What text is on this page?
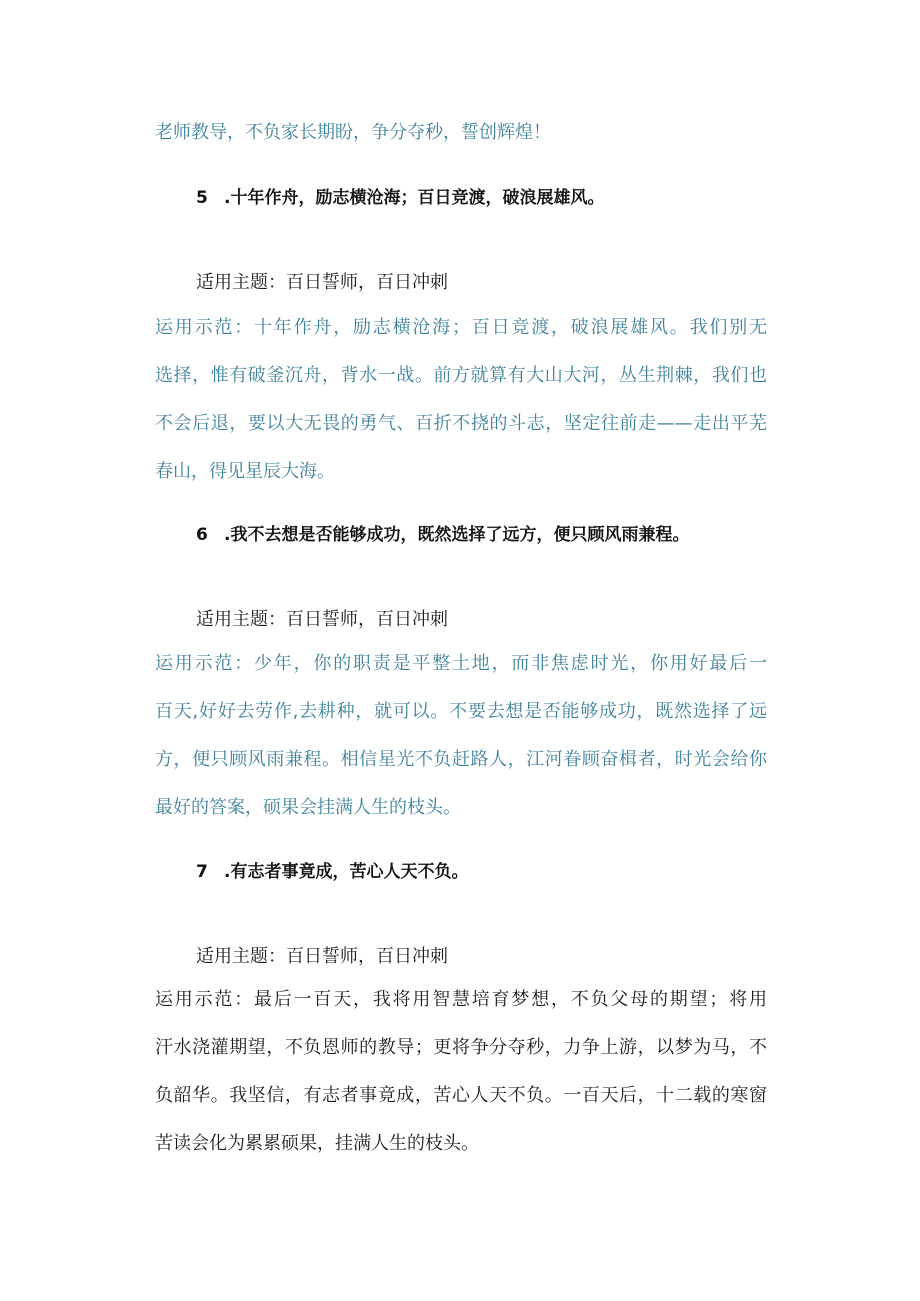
老师教导，不负家长期盼，争分夺秒，誓创辉煌！
5 .十年作舟，励志横沧海；百日竞渡，破浪展雄风。
适用主题：百日誓师，百日冲刺
运用示范：十年作舟，励志横沧海；百日竞渡，破浪展雄风。我们别无
选择，惟有破釜沉舟，背水一战。前方就算有大山大河，丛生荆棘，我们也
不会后退，要以大无畏的勇气、百折不挠的斗志，坚定往前走——走出平芜
春山，得见星辰大海。
6 .我不去想是否能够成功，既然选择了远方，便只顾风雨兼程。
适用主题：百日誓师，百日冲刺
运用示范：少年，你的职责是平整土地，而非焦虑时光，你用好最后一
百天,好好去劳作,去耕种，就可以。不要去想是否能够成功，既然选择了远
方，便只顾风雨兼程。相信星光不负赶路人，江河眷顾奋楫者，时光会给你
最好的答案，硕果会挂满人生的枝头。
7 .有志者事竟成，苦心人天不负。
适用主题：百日誓师，百日冲刺
运用示范：最后一百天，我将用智慧培育梦想，不负父母的期望；将用
汗水浇灌期望，不负恩师的教导；更将争分夺秒，力争上游，以梦为马，不
负韶华。我坚信，有志者事竟成，苦心人天不负。一百天后，十二载的寒窗
苦读会化为累累硕果，挂满人生的枝头。
